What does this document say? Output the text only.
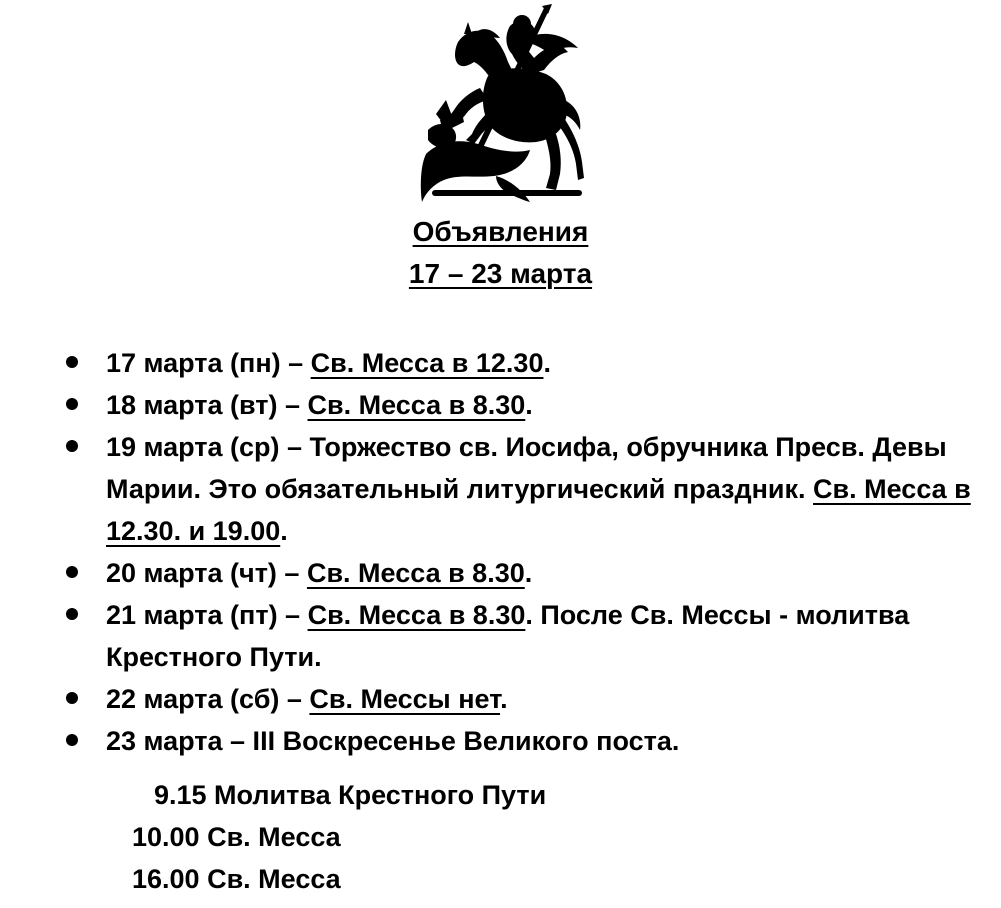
Объявления
17 – 23 марта
17 марта (пн) – Св. Месса в 12.30.
18 марта (вт) – Св. Месса в 8.30.
19 марта (ср) – Торжество св. Иосифа, обручника Пресв. Девы Марии. Это обязательный литургический праздник. Св. Месса в 12.30. и 19.00.
20 марта (чт) – Св. Месса в 8.30.
21 марта (пт) – Св. Месса в 8.30. После Св. Мессы - молитва Крестного Пути.
22 марта (сб) – Св. Мессы нет.
23 марта – III Воскресенье Великого поста.
9.15 Молитва Крестного Пути
10.00 Св. Месса
16.00 Св. Месса
